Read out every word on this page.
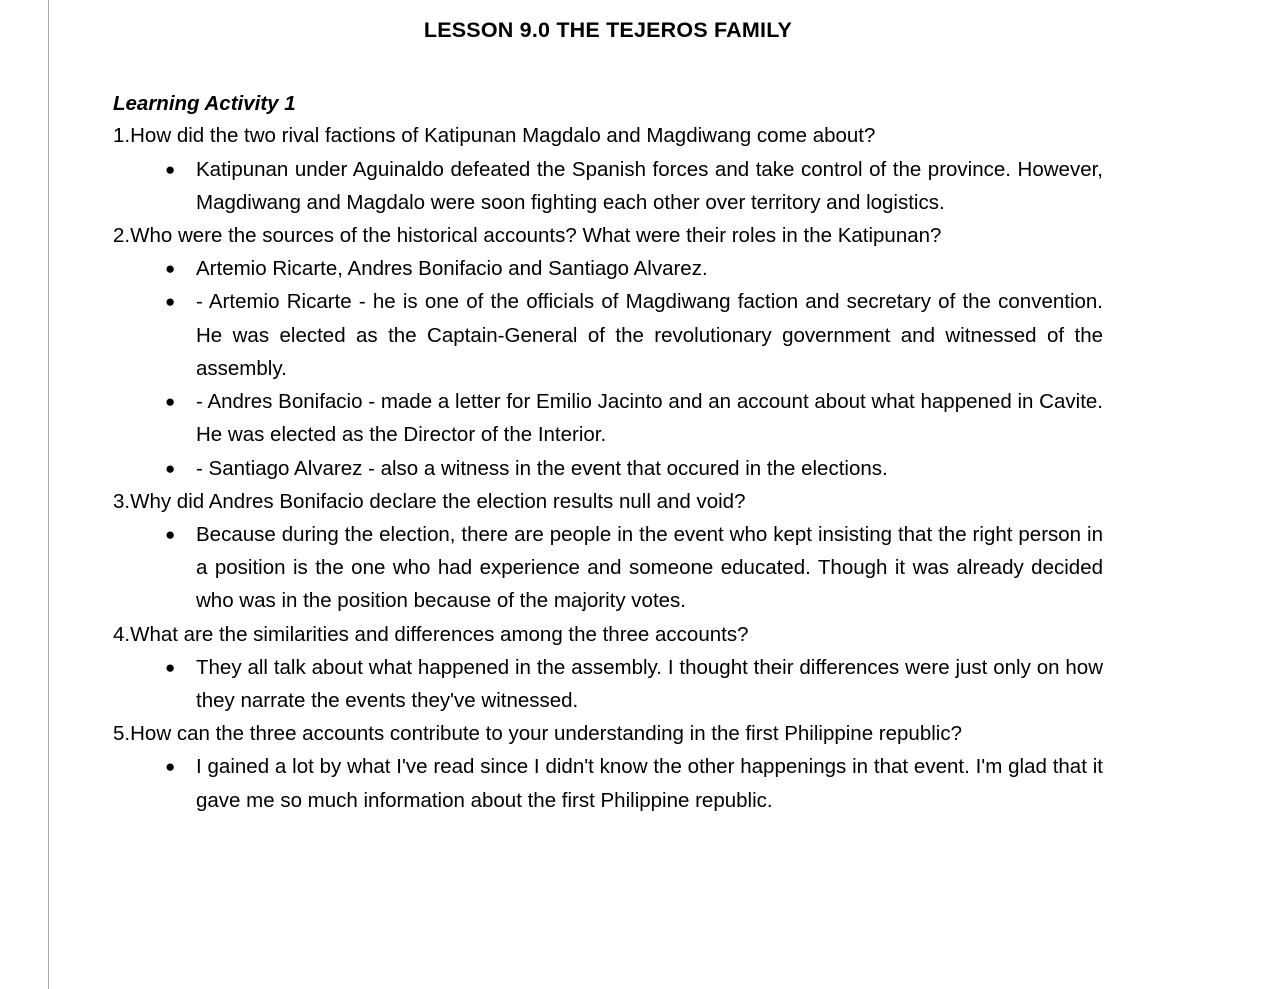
LESSON 9.0 THE TEJEROS FAMILY
Learning Activity 1

1.How did the two rival factions of Katipunan Magdalo and Magdiwang come about?

● Katipunan under Aguinaldo defeated the Spanish forces and take control of the province. However, Magdiwang and Magdalo were soon fighting each other over territory and logistics.

2.Who were the sources of the historical accounts? What were their roles in the Katipunan?

● Artemio Ricarte, Andres Bonifacio and Santiago Alvarez.
● - Artemio Ricarte - he is one of the officials of Magdiwang faction and secretary of the convention. He was elected as the Captain-General of the revolutionary government and witnessed of the assembly.
● - Andres Bonifacio - made a letter for Emilio Jacinto and an account about what happened in Cavite. He was elected as the Director of the Interior.
● - Santiago Alvarez - also a witness in the event that occured in the elections.

3.Why did Andres Bonifacio declare the election results null and void?

● Because during the election, there are people in the event who kept insisting that the right person in a position is the one who had experience and someone educated. Though it was already decided who was in the position because of the majority votes.

4.What are the similarities and differences among the three accounts?

● They all talk about what happened in the assembly. I thought their differences were just only on how they narrate the events they've witnessed.

5.How can the three accounts contribute to your understanding in the first Philippine republic?

● I gained a lot by what I've read since I didn't know the other happenings in that event. I'm glad that it gave me so much information about the first Philippine republic.
